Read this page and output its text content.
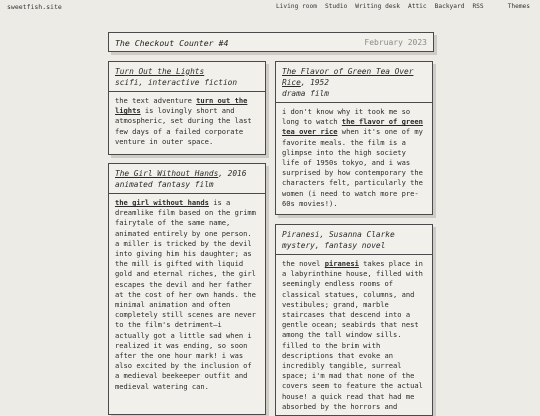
sweetfish.site	Living room Studio Writing desk Attic Backyard RSS	Themes
The Checkout Counter #4	February 2023
Turn Out the Lights
scifi, interactive fiction
the text adventure turn out the lights is lovingly short and atmospheric, set during the last few days of a failed corporate venture in outer space.
The Girl Without Hands, 2016
animated fantasy film
the girl without hands is a dreamlike film based on the grimm fairytale of the same name, animated entirely by one person. a miller is tricked by the devil into giving him his daughter; as the mill is gifted with liquid gold and eternal riches, the girl escapes the devil and her father at the cost of her own hands. the minimal animation and often completely still scenes are never to the film's detriment—i actually got a little sad when i realized it was ending, so soon after the one hour mark! i was also excited by the inclusion of a medieval beekeeper outfit and medieval watering can.
The Flavor of Green Tea Over Rice, 1952
drama film
i don't know why it took me so long to watch the flavor of green tea over rice when it's one of my favorite meals. the film is a glimpse into the high society life of 1950s tokyo, and i was surprised by how contemporary the characters felt, particularly the women (i need to watch more pre-60s movies!).
Piranesi, Susanna Clarke
mystery, fantasy novel
the novel piranesi takes place in a labyrinthine house, filled with seemingly endless rooms of classical statues, columns, and vestibules; grand, marble staircases that descend into a gentle ocean; seabirds that nest among the tall window sills. filled to the brim with descriptions that evoke an incredibly tangible, surreal space; i'm mad that none of the covers seem to feature the actual house! a quick read that had me absorbed by the horrors and
